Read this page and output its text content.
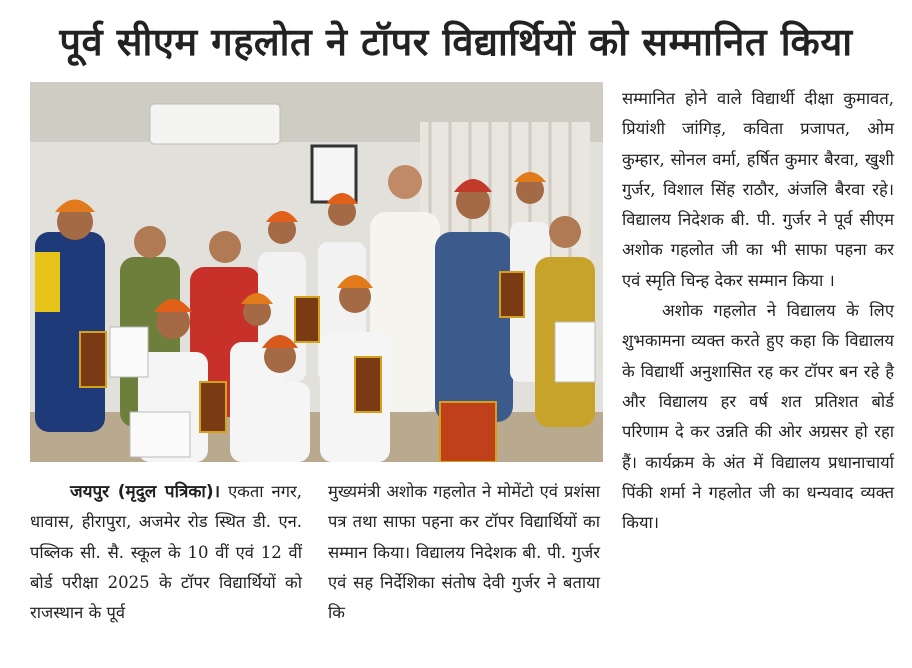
पूर्व सीएम गहलोत ने टॉपर विद्यार्थियों को सम्मानित किया

सम्मानित होने वाले विद्यार्थी दीक्षा कुमावत, प्रियांशी जांगिड़, कविता प्रजापत, ओम कुम्हार, सोनल वर्मा, हर्षित कुमार बैरवा, खुशी गुर्जर, विशाल सिंह राठौर, अंजलि बैरवा रहे। विद्यालय निदेशक बी. पी. गुर्जर ने पूर्व सीएम अशोक गहलोत जी का भी साफा पहना कर एवं स्मृति चिन्ह देकर सम्मान किया ।

अशोक गहलोत ने विद्यालय के लिए शुभकामना व्यक्त करते हुए कहा कि विद्यालय के विद्यार्थी अनुशासित रह कर टॉपर बन रहे है और विद्यालय हर वर्ष शत प्रतिशत बोर्ड परिणाम दे कर उन्नति की ओर अग्रसर हो रहा हैं। कार्यक्रम के अंत में विद्यालय प्रधानाचार्या पिंकी शर्मा ने गहलोत जी का धन्यवाद व्यक्त किया।

जयपुर (मृदुल पत्रिका)। एकता नगर, धावास, हीरापुरा, अजमेर रोड स्थित डी. एन. पब्लिक सी. सै. स्कूल के 10 वीं एवं 12 वीं बोर्ड परीक्षा 2025 के टॉपर विद्यार्थियों को राजस्थान के पूर्व

मुख्यमंत्री अशोक गहलोत ने मोमेंटो एवं प्रशंसा पत्र तथा साफा पहना कर टॉपर विद्यार्थियों का सम्मान किया। विद्यालय निदेशक बी. पी. गुर्जर एवं सह निर्देशिका संतोष देवी गुर्जर ने बताया कि
